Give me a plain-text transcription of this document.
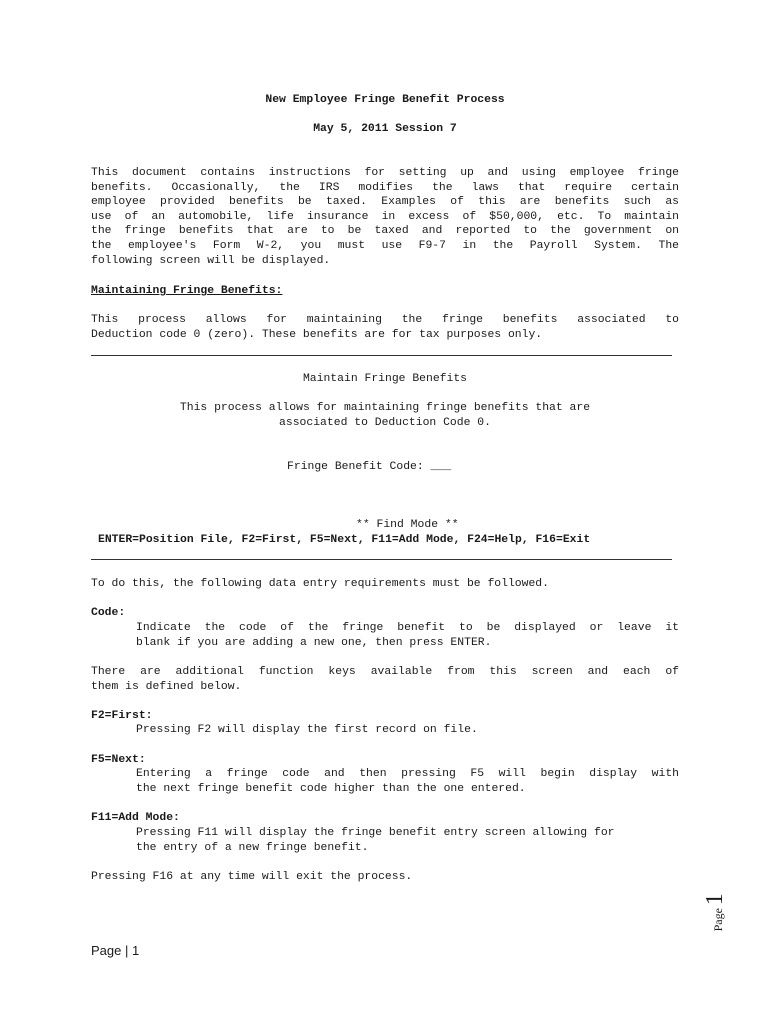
New Employee Fringe Benefit Process

May 5, 2011 Session 7

This document contains instructions for setting up and using employee fringe

benefits. Occasionally, the IRS modifies the laws that require certain

employee provided benefits be taxed. Examples of this are benefits such as

use of an automobile, life insurance in excess of $50,000, etc. To maintain

the fringe benefits that are to be taxed and reported to the government on

the employee's Form W-2, you must use F9-7 in the Payroll System. The

following screen will be displayed.

Maintaining Fringe Benefits:

This process allows for maintaining the fringe benefits associated to

Deduction code 0 (zero). These benefits are for tax purposes only.

Maintain Fringe Benefits

This process allows for maintaining fringe benefits that are

associated to Deduction Code 0.

Fringe Benefit Code: ___

** Find Mode **

ENTER=Position File, F2=First, F5=Next, F11=Add Mode, F24=Help, F16=Exit

To do this, the following data entry requirements must be followed.

Code:

Indicate the code of the fringe benefit to be displayed or leave it

blank if you are adding a new one, then press ENTER.

There are additional function keys available from this screen and each of

them is defined below.

F2=First:

Pressing F2 will display the first record on file.

F5=Next:

Entering a fringe code and then pressing F5 will begin display with

the next fringe benefit code higher than the one entered.

F11=Add Mode:

Pressing F11 will display the fringe benefit entry screen allowing for

the entry of a new fringe benefit.

Pressing F16 at any time will exit the process.

Page 1

Page | 1
